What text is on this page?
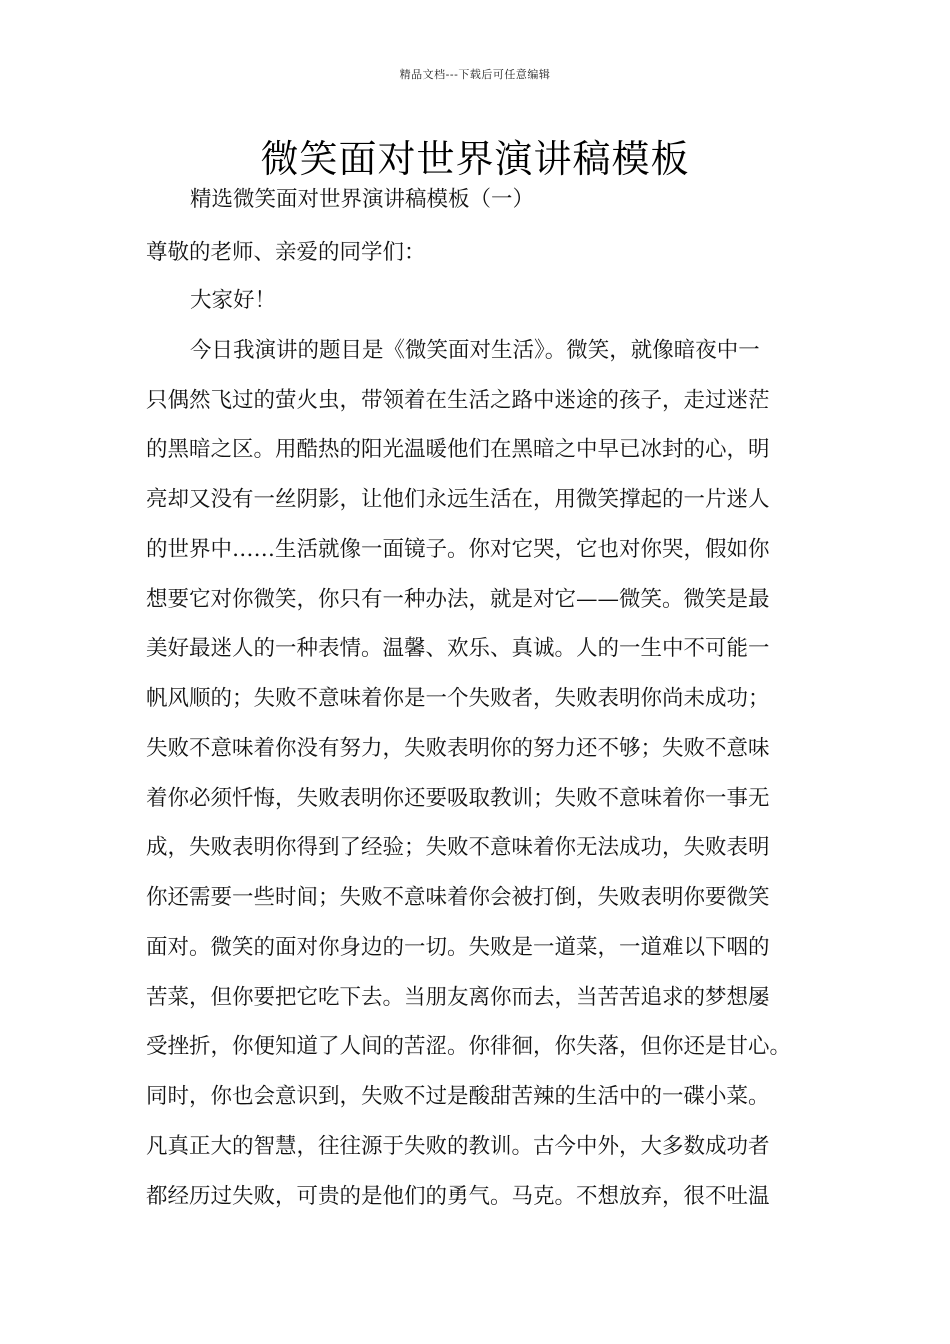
精品文档---下载后可任意编辑
微笑面对世界演讲稿模板
精选微笑面对世界演讲稿模板（一）
尊敬的老师、亲爱的同学们：
大家好！
今日我演讲的题目是《微笑面对生活》。微笑，就像暗夜中一
只偶然飞过的萤火虫，带领着在生活之路中迷途的孩子，走过迷茫
的黑暗之区。用酷热的阳光温暖他们在黑暗之中早已冰封的心，明
亮却又没有一丝阴影，让他们永远生活在，用微笑撑起的一片迷人
的世界中……生活就像一面镜子。你对它哭，它也对你哭，假如你
想要它对你微笑，你只有一种办法，就是对它——微笑。微笑是最
美好最迷人的一种表情。温馨、欢乐、真诚。人的一生中不可能一
帆风顺的；失败不意味着你是一个失败者，失败表明你尚未成功；
失败不意味着你没有努力，失败表明你的努力还不够；失败不意味
着你必须忏悔，失败表明你还要吸取教训；失败不意味着你一事无
成，失败表明你得到了经验；失败不意味着你无法成功，失败表明
你还需要一些时间；失败不意味着你会被打倒，失败表明你要微笑
面对。微笑的面对你身边的一切。失败是一道菜，一道难以下咽的
苦菜，但你要把它吃下去。当朋友离你而去，当苦苦追求的梦想屡
受挫折，你便知道了人间的苦涩。你徘徊，你失落，但你还是甘心。
同时，你也会意识到，失败不过是酸甜苦辣的生活中的一碟小菜。
凡真正大的智慧，往往源于失败的教训。古今中外，大多数成功者
都经历过失败，可贵的是他们的勇气。马克。不想放弃，很不吐温
